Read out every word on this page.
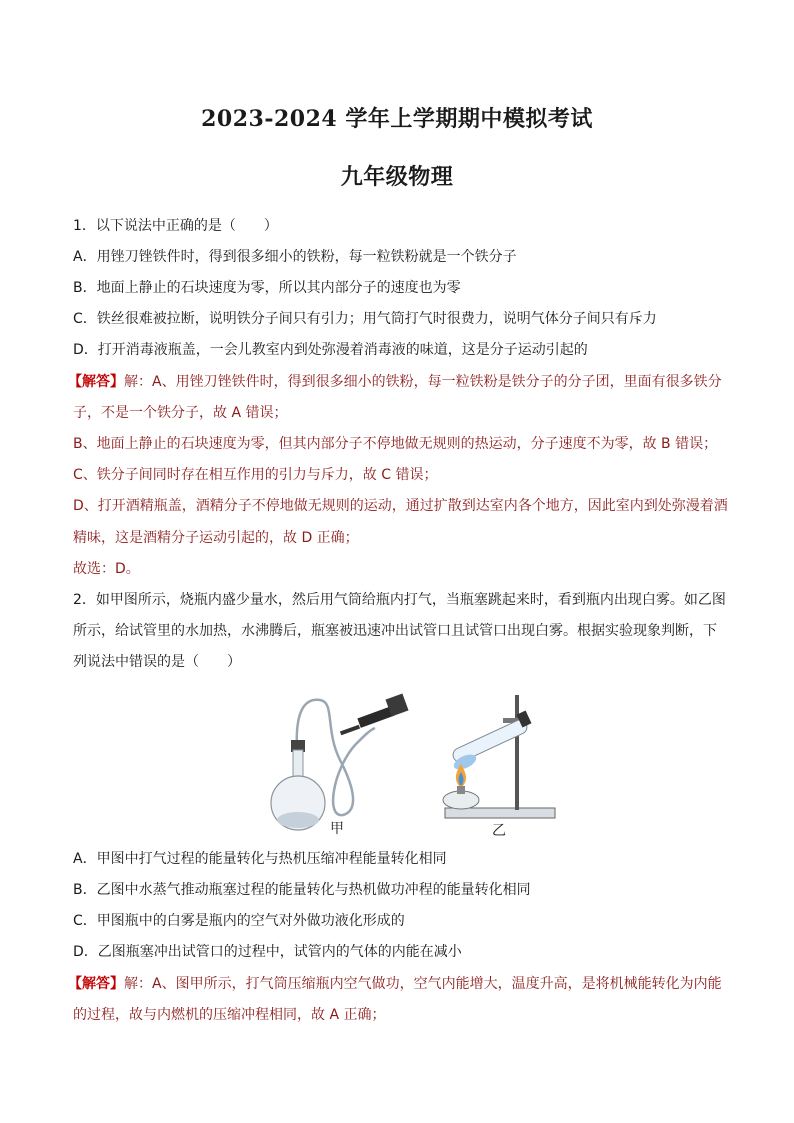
2023-2024 学年上学期期中模拟考试
九年级物理
1．以下说法中正确的是（　　）
A．用锉刀锉铁件时，得到很多细小的铁粉，每一粒铁粉就是一个铁分子
B．地面上静止的石块速度为零，所以其内部分子的速度也为零
C．铁丝很难被拉断，说明铁分子间只有引力；用气筒打气时很费力，说明气体分子间只有斥力
D．打开消毒液瓶盖，一会儿教室内到处弥漫着消毒液的味道，这是分子运动引起的
【解答】解：A、用锉刀锉铁件时，得到很多细小的铁粉，每一粒铁粉是铁分子的分子团，里面有很多铁分
子，不是一个铁分子，故 A 错误；
B、地面上静止的石块速度为零，但其内部分子不停地做无规则的热运动，分子速度不为零，故 B 错误；
C、铁分子间同时存在相互作用的引力与斥力，故 C 错误；
D、打开酒精瓶盖，酒精分子不停地做无规则的运动，通过扩散到达室内各个地方，因此室内到处弥漫着酒
精味，这是酒精分子运动引起的，故 D 正确；
故选：D。
2．如甲图所示，烧瓶内盛少量水，然后用气筒给瓶内打气，当瓶塞跳起来时，看到瓶内出现白雾。如乙图
所示，给试管里的水加热，水沸腾后，瓶塞被迅速冲出试管口且试管口出现白雾。根据实验现象判断，下
列说法中错误的是（　　）
甲	乙
A．甲图中打气过程的能量转化与热机压缩冲程能量转化相同
B．乙图中水蒸气推动瓶塞过程的能量转化与热机做功冲程的能量转化相同
C．甲图瓶中的白雾是瓶内的空气对外做功液化形成的
D．乙图瓶塞冲出试管口的过程中，试管内的气体的内能在减小
【解答】解：A、图甲所示，打气筒压缩瓶内空气做功，空气内能增大，温度升高，是将机械能转化为内能
的过程，故与内燃机的压缩冲程相同，故 A 正确；
